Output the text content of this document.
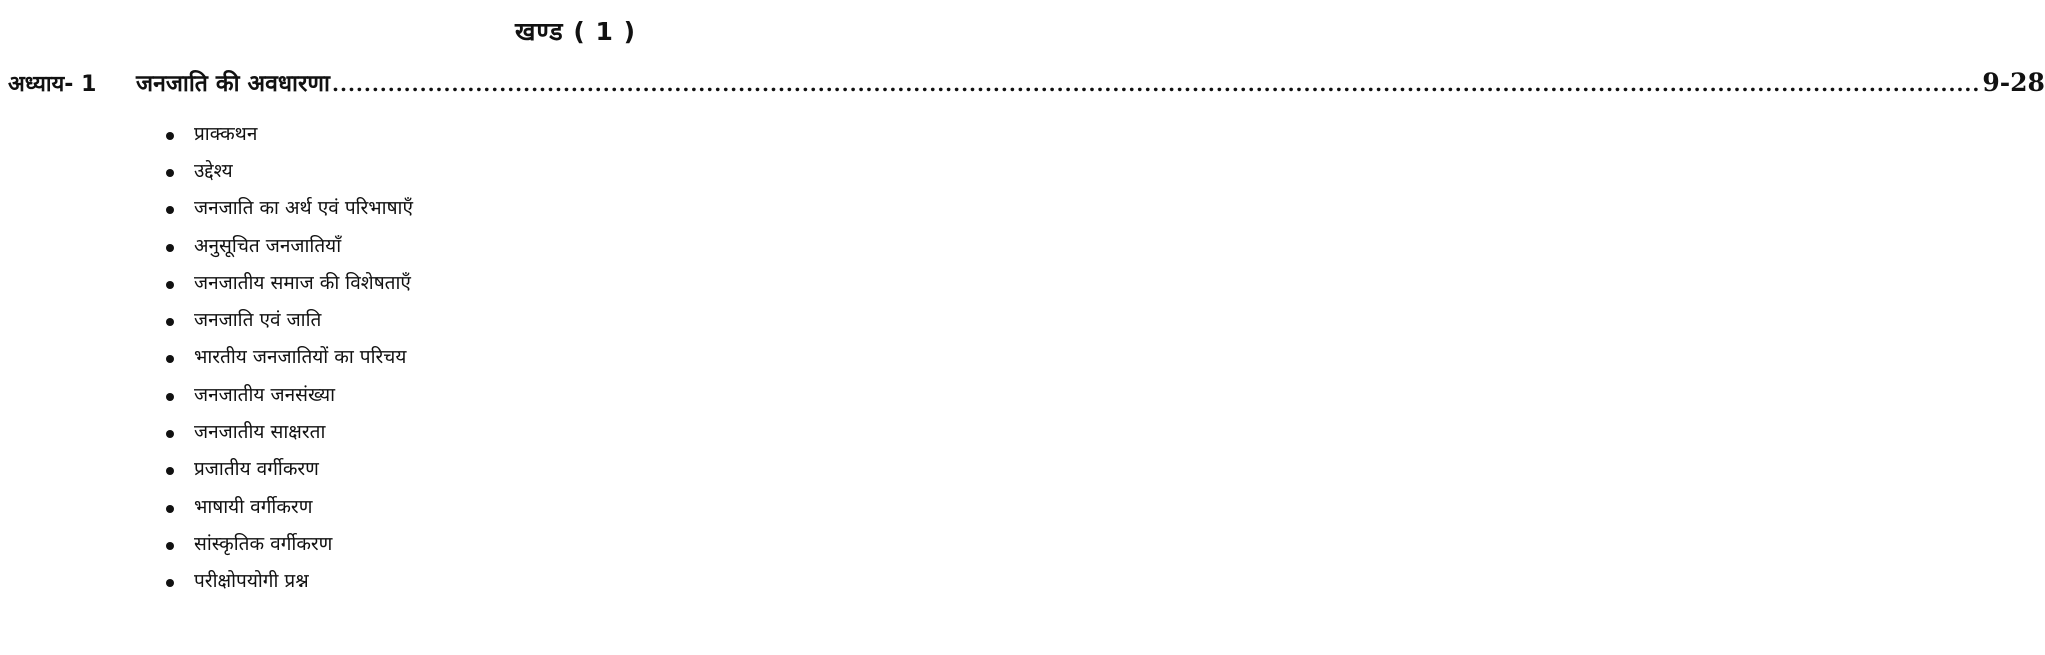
खण्ड ( 1 )
अध्याय- 1	जनजाति की अवधारणा ............................................................................................................................................................................................................... 9-28
प्राक्कथन
उद्देश्य
जनजाति का अर्थ एवं परिभाषाएँ
अनुसूचित जनजातियाँ
जनजातीय समाज की विशेषताएँ
जनजाति एवं जाति
भारतीय जनजातियों का परिचय
जनजातीय जनसंख्या
जनजातीय साक्षरता
प्रजातीय वर्गीकरण
भाषायी वर्गीकरण
सांस्कृतिक वर्गीकरण
परीक्षोपयोगी प्रश्न
